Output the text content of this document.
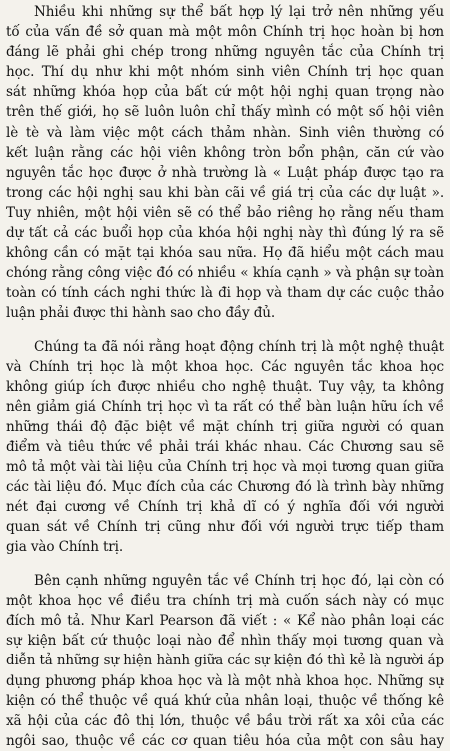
Nhiều khi những sự thể bất hợp lý lại trở nên những yếu
tố của vấn đề sở quan mà một môn Chính trị học hoàn bị hơn
đáng lẽ phải ghi chép trong những nguyên tắc của Chính trị
học. Thí dụ như khi một nhóm sinh viên Chính trị học quan
sát những khóa họp của bất cứ một hội nghị quan trọng nào
trên thế giới, họ sẽ luôn luôn chỉ thấy mình có một số hội viên
lè tè và làm việc một cách thảm nhàn. Sinh viên thường có
kết luận rằng các hội viên không tròn bổn phận, căn cứ vào
nguyên tắc học được ở nhà trường là « Luật pháp được tạo ra
trong các hội nghị sau khi bàn cãi về giá trị của các dự luật ».
Tuy nhiên, một hội viên sẽ có thể bảo riêng họ rằng nếu tham
dự tất cả các buổi họp của khóa hội nghị này thì đúng lý ra sẽ
không cần có mặt tại khóa sau nữa. Họ đã hiểu một cách mau
chóng rằng công việc đó có nhiều « khía cạnh » và phận sự toàn
toàn có tính cách nghi thức là đi họp và tham dự các cuộc thảo
luận phải được thi hành sao cho đầy đủ.

Chúng ta đã nói rằng hoạt động chính trị là một nghệ thuật
và Chính trị học là một khoa học. Các nguyên tắc khoa học
không giúp ích được nhiều cho nghệ thuật. Tuy vậy, ta không
nên giảm giá Chính trị học vì ta rất có thể bàn luận hữu ích về
những thái độ đặc biệt về mặt chính trị giữa người có quan
điểm và tiêu thức về phải trái khác nhau. Các Chương sau sẽ
mô tả một vài tài liệu của Chính trị học và mọi tương quan giữa
các tài liệu đó. Mục đích của các Chương đó là trình bày những
nét đại cương về Chính trị khả dĩ có ý nghĩa đối với người
quan sát về Chính trị cũng như đối với người trực tiếp tham
gia vào Chính trị.

Bên cạnh những nguyên tắc về Chính trị học đó, lại còn có
một khoa học về điều tra chính trị mà cuốn sách này có mục
đích mô tả. Như Karl Pearson đã viết : « Kể nào phân loại các
sự kiện bất cứ thuộc loại nào để nhìn thấy mọi tương quan và
diễn tả những sự hiện hành giữa các sự kiện đó thì kẻ là người áp
dụng phương pháp khoa học và là một nhà khoa học. Những sự
kiện có thể thuộc về quá khứ của nhân loại, thuộc về thống kê
xã hội của các đô thị lớn, thuộc về bầu trời rất xa xôi của các
ngôi sao, thuộc về các cơ quan tiêu hóa của một con sâu hay
